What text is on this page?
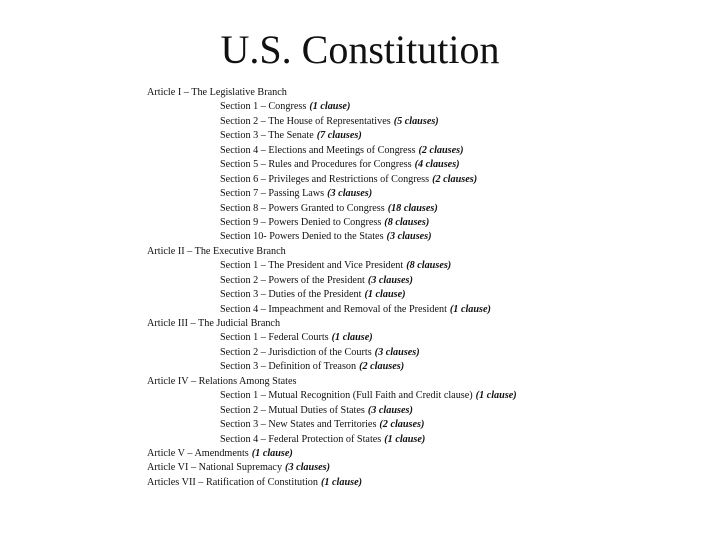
U.S. Constitution
Article I – The Legislative Branch
Section 1 – Congress (1 clause)
Section 2 – The House of Representatives (5 clauses)
Section 3 – The Senate (7 clauses)
Section 4 – Elections and Meetings of Congress (2 clauses)
Section 5 – Rules and Procedures for Congress (4 clauses)
Section 6 – Privileges and Restrictions of Congress (2 clauses)
Section 7 – Passing Laws (3 clauses)
Section 8 – Powers Granted to Congress (18 clauses)
Section 9 – Powers Denied to Congress (8 clauses)
Section 10- Powers Denied to the States (3 clauses)
Article II – The Executive Branch
Section 1 – The President and Vice President (8 clauses)
Section 2 – Powers of the President (3 clauses)
Section 3 – Duties of the President (1 clause)
Section 4 – Impeachment and Removal of the President (1 clause)
Article III – The Judicial Branch
Section 1 – Federal Courts (1 clause)
Section 2 – Jurisdiction of the Courts (3 clauses)
Section 3 – Definition of Treason (2 clauses)
Article IV – Relations Among States
Section 1 – Mutual Recognition (Full Faith and Credit clause) (1 clause)
Section 2 – Mutual Duties of States (3 clauses)
Section 3 – New States and Territories (2 clauses)
Section 4 – Federal Protection of States (1 clause)
Article V – Amendments (1 clause)
Article VI – National Supremacy (3 clauses)
Articles VII – Ratification of Constitution (1 clause)
